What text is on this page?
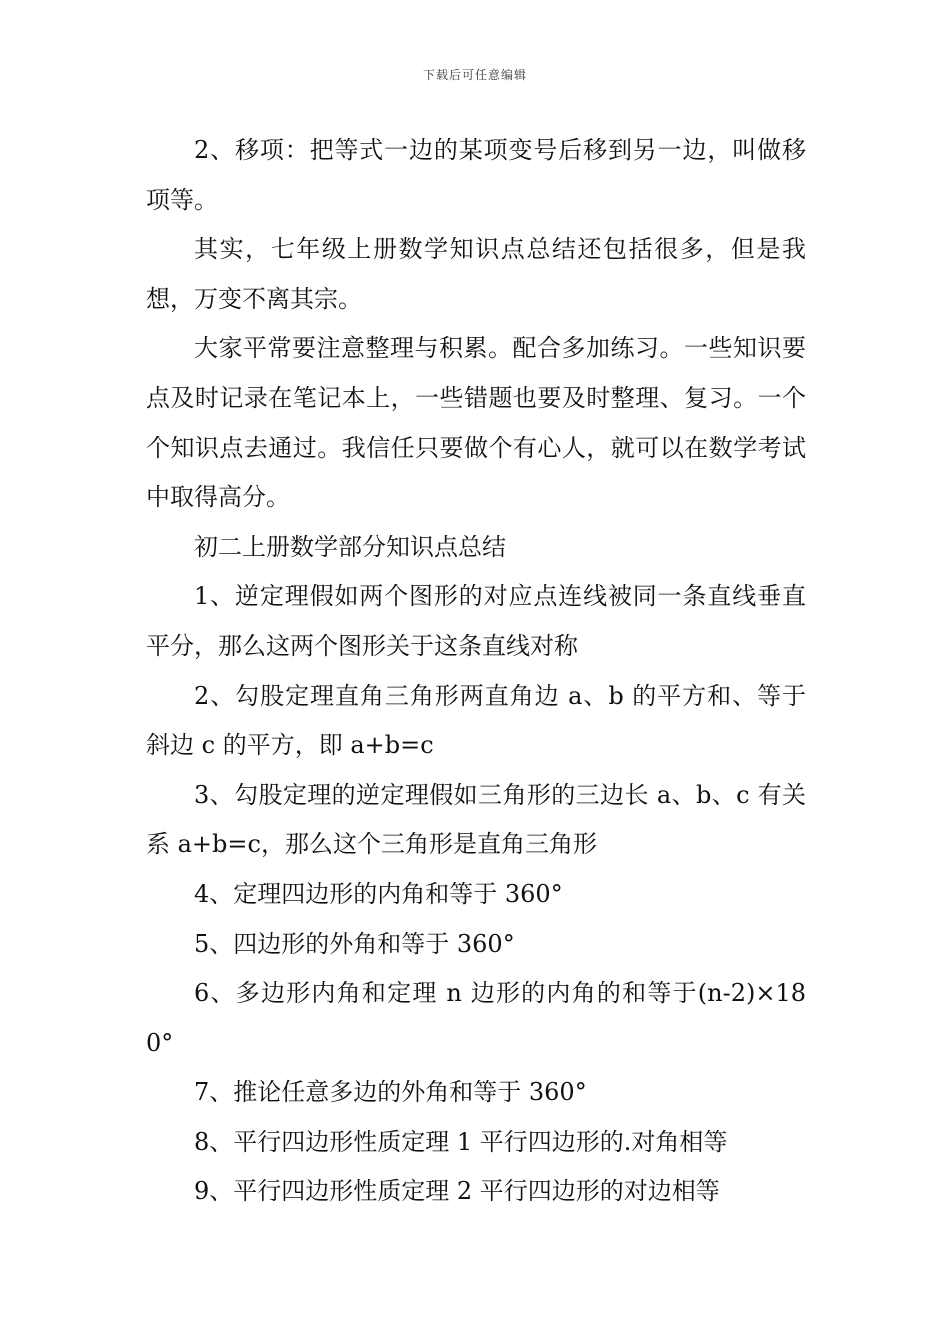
下载后可任意编辑

2、移项：把等式一边的某项变号后移到另一边，叫做移项等。

其实，七年级上册数学知识点总结还包括很多，但是我想，万变不离其宗。

大家平常要注意整理与积累。配合多加练习。一些知识要点及时记录在笔记本上，一些错题也要及时整理、复习。一个个知识点去通过。我信任只要做个有心人，就可以在数学考试中取得高分。

初二上册数学部分知识点总结

1、逆定理假如两个图形的对应点连线被同一条直线垂直平分，那么这两个图形关于这条直线对称

2、勾股定理直角三角形两直角边 a、b 的平方和、等于斜边 c 的平方，即 a+b=c

3、勾股定理的逆定理假如三角形的三边长 a、b、c 有关系 a+b=c，那么这个三角形是直角三角形

4、定理四边形的内角和等于 360°

5、四边形的外角和等于 360°

6、多边形内角和定理 n 边形的内角的和等于(n-2)×180°

7、推论任意多边的外角和等于 360°

8、平行四边形性质定理 1 平行四边形的.对角相等

9、平行四边形性质定理 2 平行四边形的对边相等
